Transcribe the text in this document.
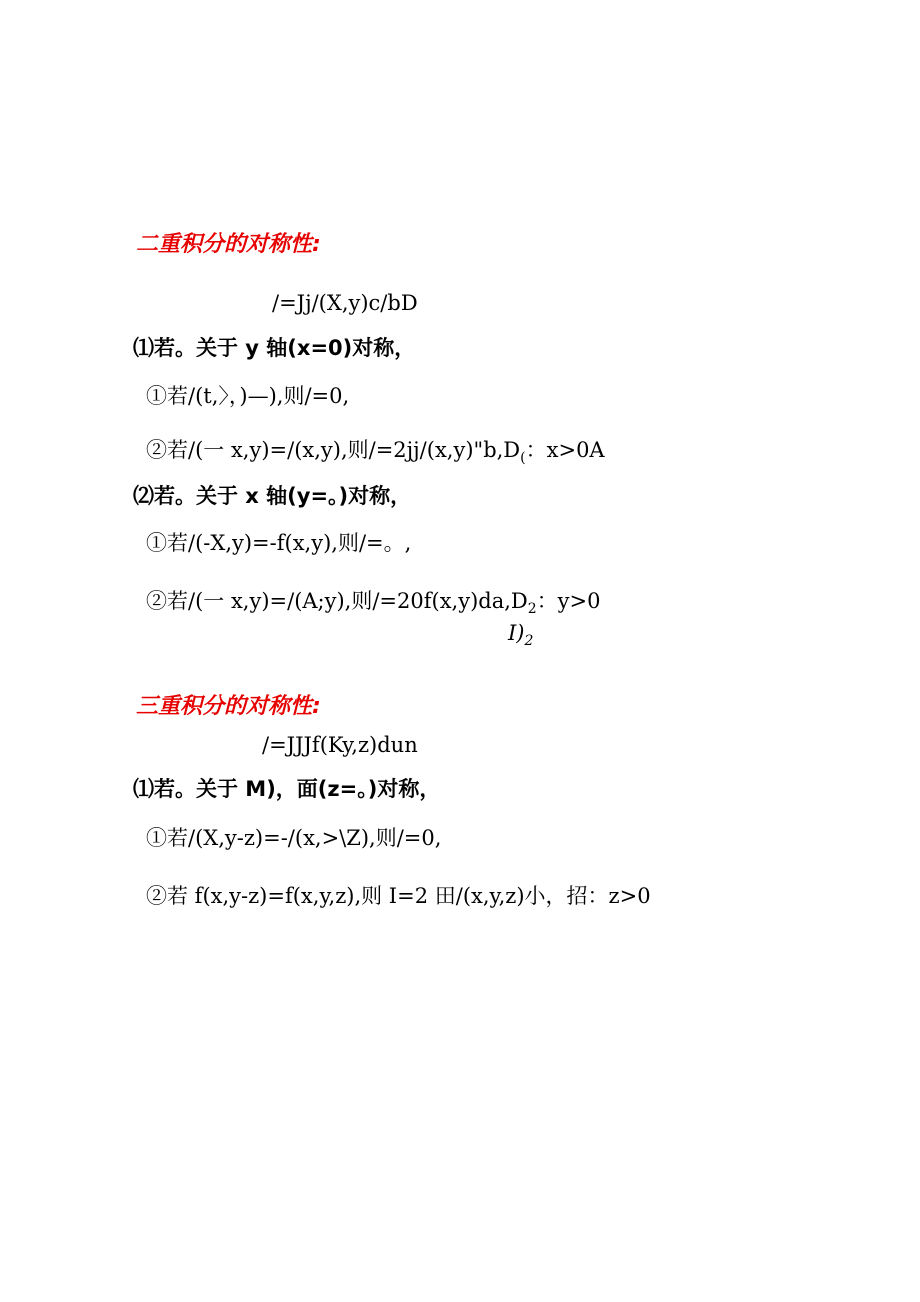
二重积分的对称性:
/=Jj/(X,y)c/bD
⑴若。关于 y 轴(x=0)对称，
①若/(t,〉，)—),则/=0,
②若/(一 x,y)=/(x,y),则$/=2jj/(x,y)"b,D_($：x>0A
⑵若。关于 x 轴(y=。)对称，
①若/(-X,y)=-f(x,y),则/=。,
②若/(一 x,y)=/(A;y),则$/=20f(x,y)da,D_2$：y>0
$I)_2$
三重积分的对称性:
/=JJJf(Ky,z)dun
⑴若。关于 M)，面(z=。)对称，
①若/(X,y-z)=-/(x,>\Z),则/=0,
②若 f(x,y-z)=f(x,y,z),则 I=2 田/(x,y,z)小，招：z>0
